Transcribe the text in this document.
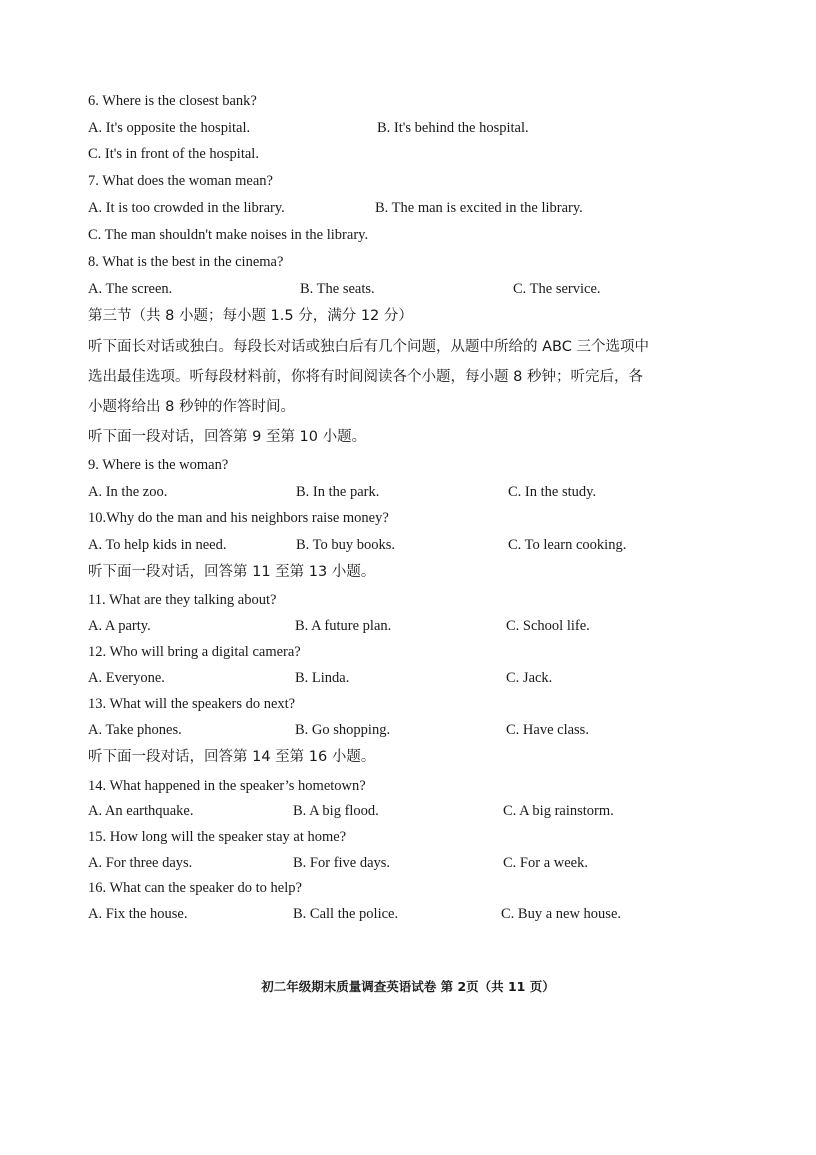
6. Where is the closest bank?
A. It's opposite the hospital.	B. It's behind the hospital.
C. It's in front of the hospital.
7. What does the woman mean?
A. It is too crowded in the library.	B. The man is excited in the library.
C. The man shouldn't make noises in the library.
8. What is the best in the cinema?
A. The screen.	B. The seats.	C. The service.
第三节（共 8 小题；每小题 1.5 分，满分 12 分）
听下面长对话或独白。每段长对话或独白后有几个问题，从题中所给的 ABC 三个选项中
选出最佳选项。听每段材料前，你将有时间阅读各个小题，每小题 8 秒钟；听完后，各
小题将给出 8 秒钟的作答时间。
听下面一段对话，回答第 9 至第 10 小题。
9. Where is the woman?
A. In the zoo.	B. In the park.	C. In the study.
10.Why do the man and his neighbors raise money?
A. To help kids in need.	B. To buy books.	C. To learn cooking.
听下面一段对话，回答第 11 至第 13 小题。
11. What are they talking about?
A. A party.	B. A future plan.	C. School life.
12. Who will bring a digital camera?
A. Everyone.	B. Linda.	C. Jack.
13. What will the speakers do next?
A. Take phones.	B. Go shopping.	C. Have class.
听下面一段对话，回答第 14 至第 16 小题。
14. What happened in the speaker’s hometown?
A. An earthquake.	B. A big flood.	C. A big rainstorm.
15. How long will the speaker stay at home?
A. For three days.	B. For five days.	C. For a week.
16. What can the speaker do to help?
A. Fix the house.	B. Call the police.	C. Buy a new house.
初二年级期末质量调查英语试卷 第 2页（共 11 页）
